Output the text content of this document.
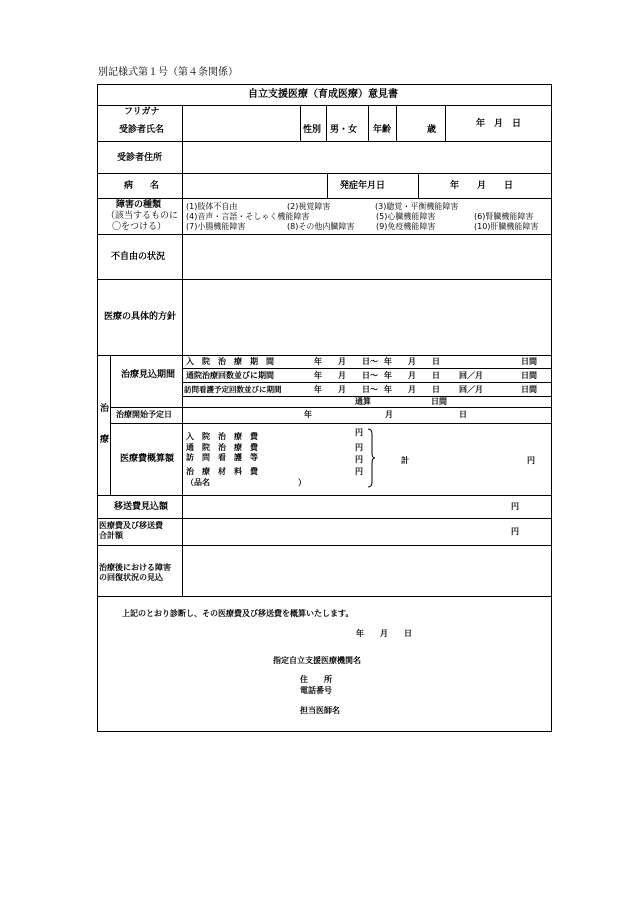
別記様式第１号（第４条関係）
自立支援医療（育成医療）意見書
フリガナ
受診者氏名	性別 男・女 年齢	歳
年　月　日
受診者住所
病 名	発症年月日	年　　月　　日
障害の種類
（該当するものに
〇をつける）
(1)肢体不自由	(2)視覚障害	(3)聴覚・平衡機能障害
(4)音声・言語・そしゃく機能障害	(5)心臓機能障害	(6)腎臓機能障害
(7)小腸機能障害	(8)その他内臓障害	(9)免疫機能障害	(10)肝臓機能障害
不自由の状況
医療の具体的方針
治
療
治療見込期間
入　院　治　療　期　間	年　　月　　日～ 年　　月　　日	日間
通院治療回数並びに期間	年　　月　　日～ 年　　月　　日 回／月	日間
訪問看護予定回数並びに期間	年　　月　　日～ 年　　月　　日 回／月	日間
通算	日間
治療開始予定日	年	月	日
医療費概算額
入　院　治　療　費	円
通　院　治　療　費	円
訪　問　看　護　等	円
治　療　材　料　費	円
（品名　　　　　　　　　　　）
計	円
移送費見込額	円
医療費及び移送費
合計額	円
治療後における障害
の回復状況の見込
上記のとおり診断し、その医療費及び移送費を概算いたします。
年　　月　　日
指定自立支援医療機関名
住　　所
電話番号
担当医師名
